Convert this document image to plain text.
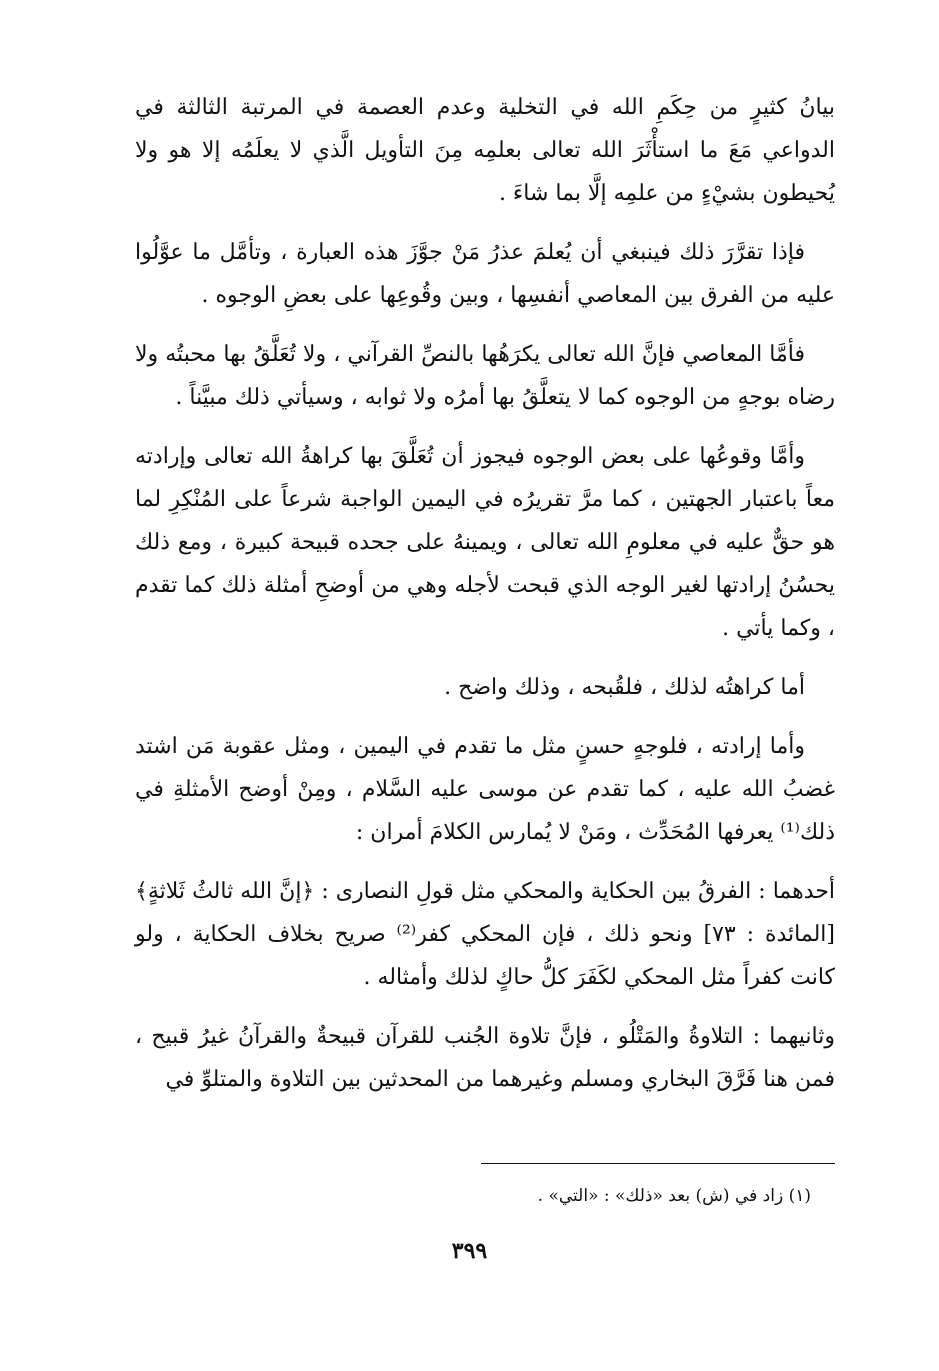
بيانُ كثيرٍ من حِكَمِ الله في التخلية وعدم العصمة في المرتبة الثالثة في الدواعي مَعَ ما استأْثَرَ الله تعالى بعلمِه مِنَ التأويل الَّذي لا يعلَمُه إلا هو ولا يُحيطون بشيْءٍ من علمِه إلَّا بما شاءَ .

فإذا تقرَّرَ ذلك فينبغي أن يُعلمَ عذرُ مَنْ جوَّزَ هذه العبارة ، وتأمَّل ما عوَّلُوا عليه من الفرق بين المعاصي أنفسِها ، وبين وقُوعِها على بعضِ الوجوه .

فأمَّا المعاصي فإنَّ الله تعالى يكرَهُها بالنصِّ القرآني ، ولا تُعَلَّقُ بها محبتُه ولا رضاه بوجهٍ من الوجوه كما لا يتعلَّقُ بها أمرُه ولا ثوابه ، وسيأتي ذلك مبيَّناً .

وأمَّا وقوعُها على بعض الوجوه فيجوز أن تُعَلَّقَ بها كراهةُ الله تعالى وإرادته معاً باعتبار الجهتين ، كما مرَّ تقريرُه في اليمين الواجبة شرعاً على المُنْكِرِ لما هو حقٌّ عليه في معلومِ الله تعالى ، ويمينهُ على جحده قبيحة كبيرة ، ومع ذلك يحسُنُ إرادتها لغير الوجه الذي قبحت لأجله وهي من أوضحِ أمثلة ذلك كما تقدم ، وكما يأتي .

أما كراهتُه لذلك ، فلقُبحه ، وذلك واضح .

وأما إرادته ، فلوجهٍ حسنٍ مثل ما تقدم في اليمين ، ومثل عقوبة مَن اشتد غضبُ الله عليه ، كما تقدم عن موسى عليه السَّلام ، ومِنْ أوضح الأمثلةِ في ذلك⁽¹⁾ يعرفها المُحَدِّث ، ومَنْ لا يُمارس الكلامَ أمران :

أحدهما : الفرقُ بين الحكاية والمحكي مثل قولِ النصارى : ﴿إنَّ الله ثالثُ ثَلاثةٍ﴾ [المائدة : ٧٣] ونحو ذلك ، فإن المحكي كفر⁽²⁾ صريح بخلاف الحكاية ، ولو كانت كفراً مثل المحكي لكَفَرَ كلُّ حاكٍ لذلك وأمثاله .

وثانيهما : التلاوةُ والمَتْلُو ، فإنَّ تلاوة الجُنب للقرآن قبيحةٌ والقرآنُ غيرُ قبيح ، فمن هنا فَرَّقَ البخاري ومسلم وغيرهما من المحدثين بين التلاوة والمتلوِّ في

(١) زاد في (ش) بعد «ذلك» : «التي» .
٣٩٩
